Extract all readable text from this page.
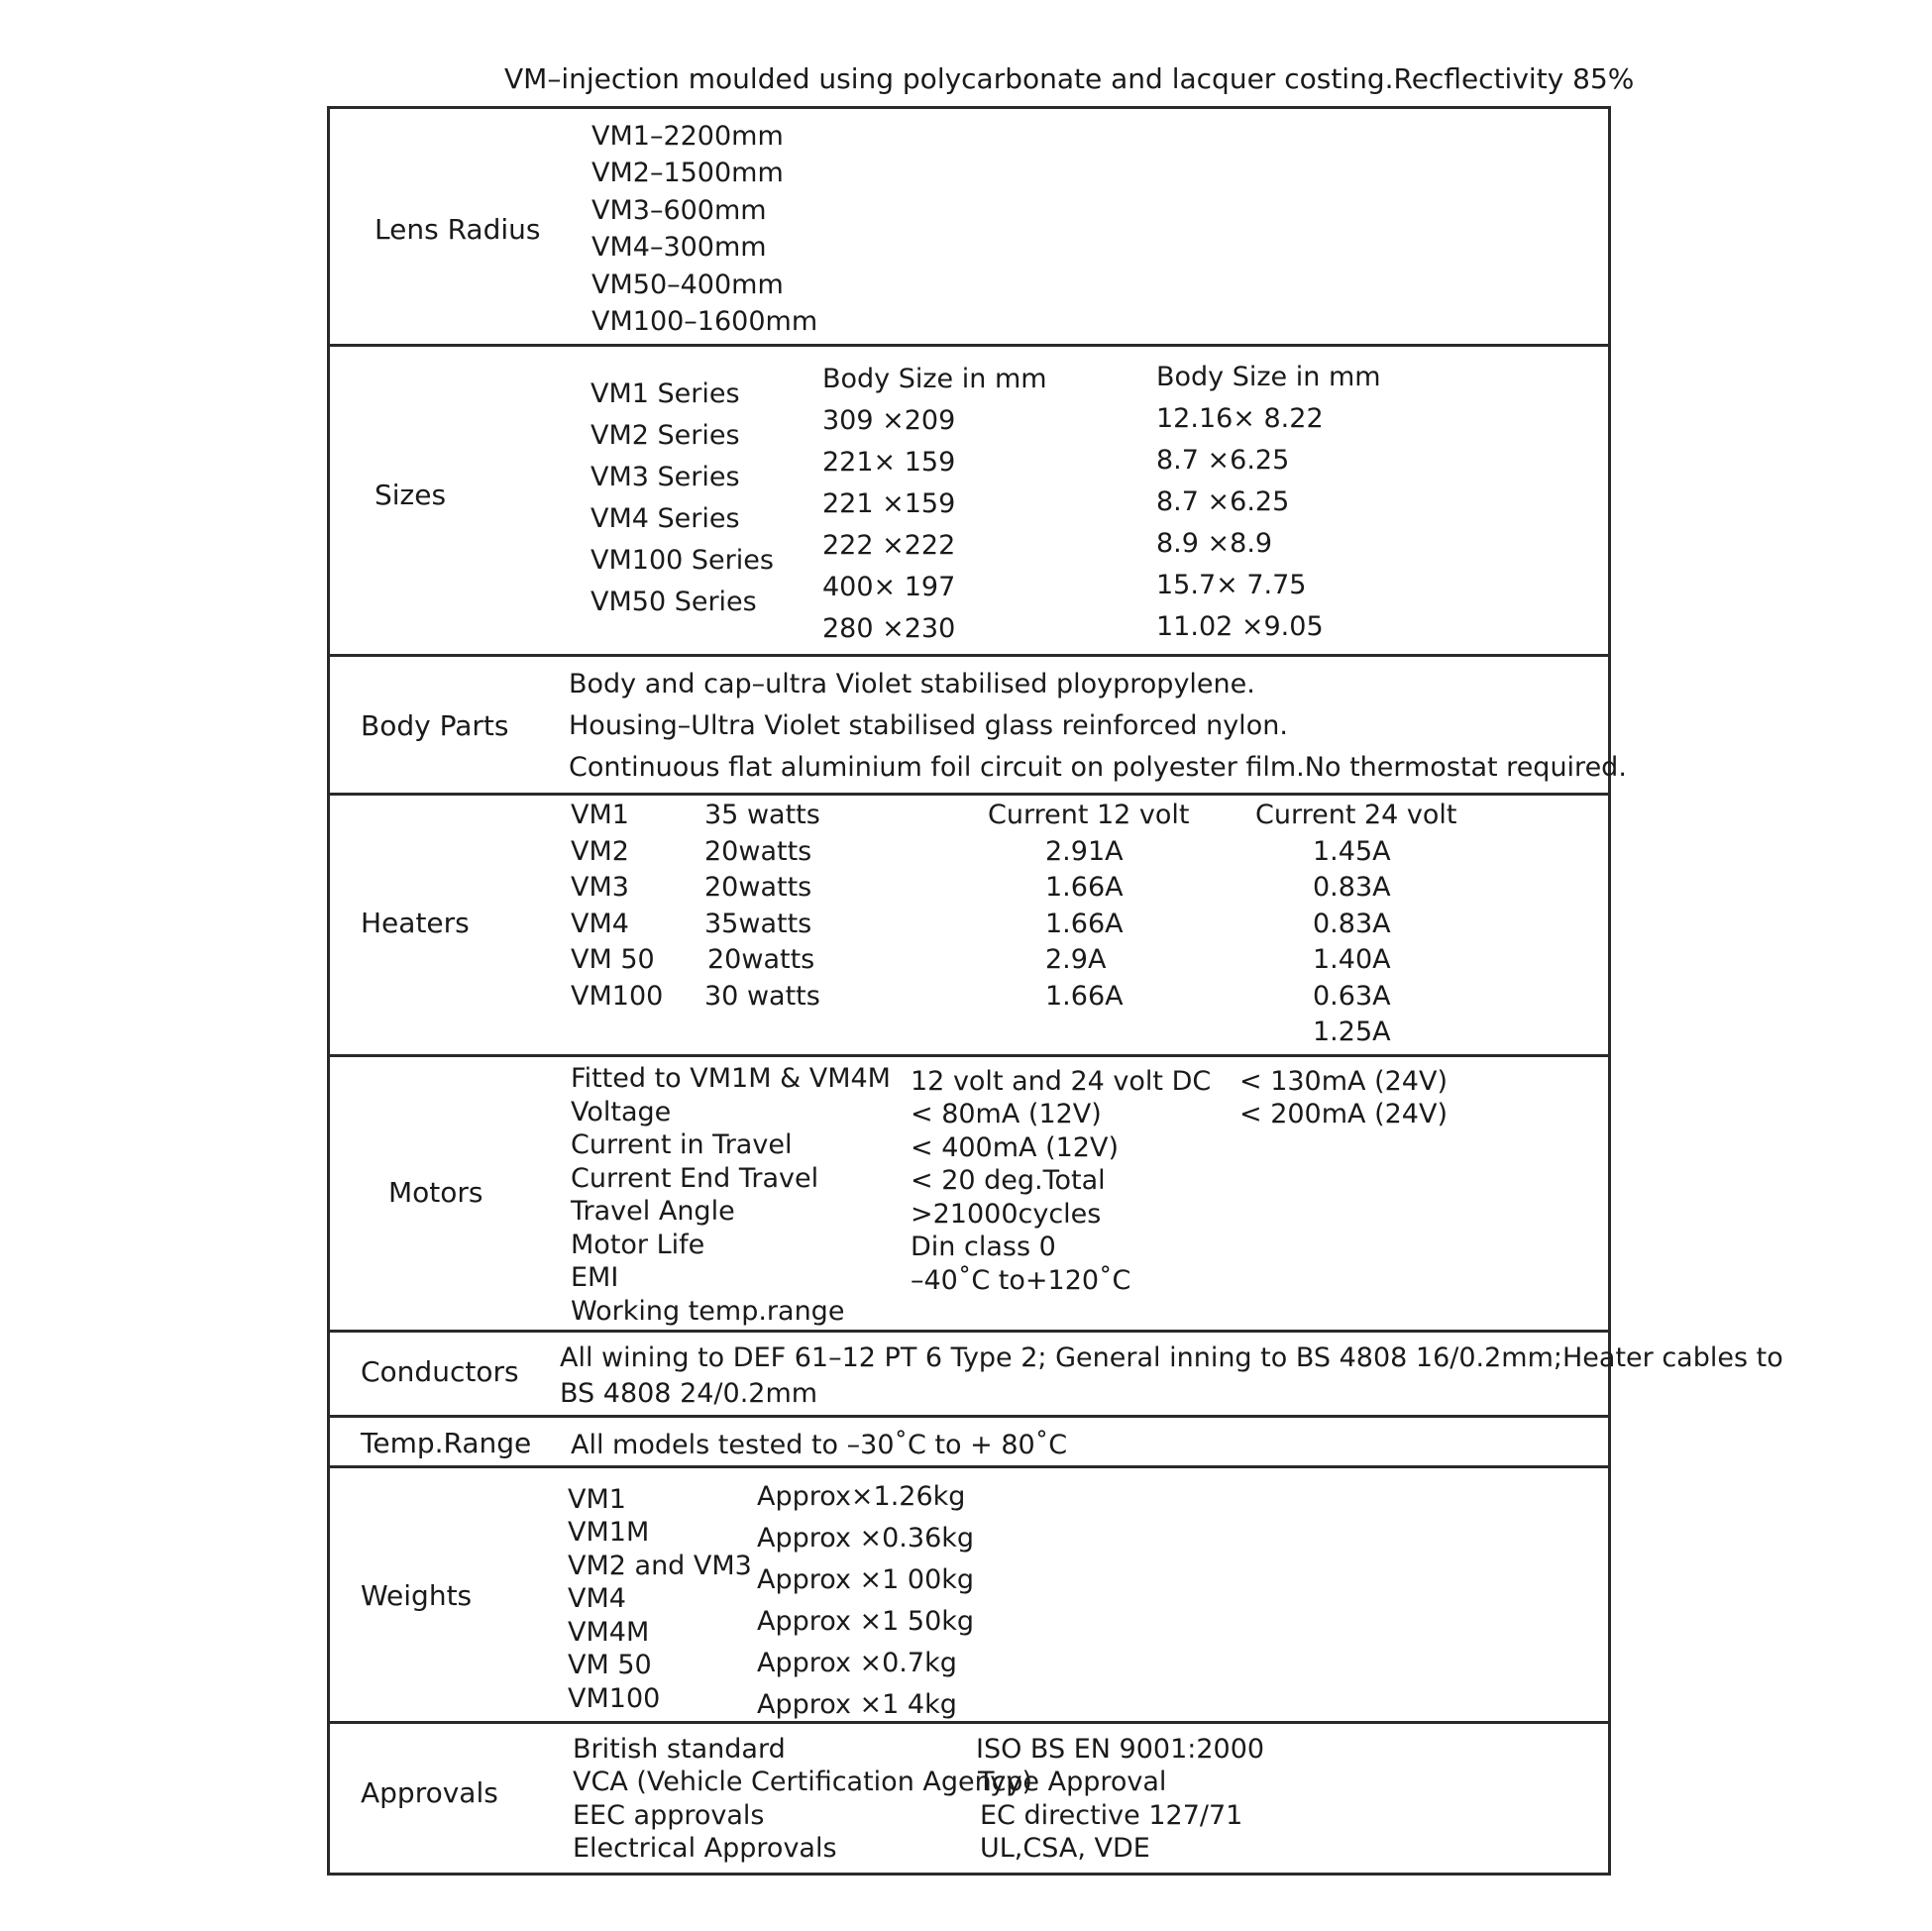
VM–injection moulded using polycarbonate and lacquer costing.Recflectivity 85%
Lens Radius
VM1–2200mm
VM2–1500mm
VM3–600mm
VM4–300mm
VM50–400mm
VM100–1600mm
Sizes
VM1 Series
VM2 Series
VM3 Series
VM4 Series
VM100 Series
VM50 Series
Body Size in mm
309 ×209
221× 159
221 ×159
222 ×222
400× 197
280 ×230
Body Size in mm
12.16× 8.22
8.7 ×6.25
8.7 ×6.25
8.9 ×8.9
15.7× 7.75
11.02 ×9.05
Body Parts
Body and cap–ultra Violet stabilised ploypropylene.
Housing–Ultra Violet stabilised glass reinforced nylon.
Continuous flat aluminium foil circuit on polyester film.No thermostat required.
Heaters
VM1
VM2
VM3
VM4
VM 50
VM100
35 watts
20watts
20watts
35watts
20watts
30 watts
Current 12 volt
2.91A
1.66A
1.66A
2.9A
1.66A
Current 24 volt
1.45A
0.83A
0.83A
1.40A
0.63A
1.25A
Motors
Fitted to VM1M & VM4M
Voltage
Current in Travel
Current End Travel
Travel Angle
Motor Life
EMI
Working temp.range
12 volt and 24 volt DC
< 80mA (12V)
< 400mA (12V)
< 20 deg.Total
>21000cycles
Din class 0
–40˚C to+120˚C
< 130mA (24V)
< 200mA (24V)
Conductors All wining to DEF 61–12 PT 6 Type 2; General inning to BS 4808 16/0.2mm;Heater cables to
BS 4808 24/0.2mm
Temp.Range All models tested to –30˚C to + 80˚C
Weights
VM1
VM1M
VM2 and VM3
VM4
VM4M
VM 50
VM100
Approx×1.26kg
Approx ×0.36kg
Approx ×1 00kg
Approx ×1 50kg
Approx ×0.7kg
Approx ×1 4kg
Approvals
British standard
VCA (Vehicle Certification Agency)
EEC approvals
Electrical Approvals
ISO BS EN 9001:2000
Type Approval
EC directive 127/71
UL,CSA, VDE
